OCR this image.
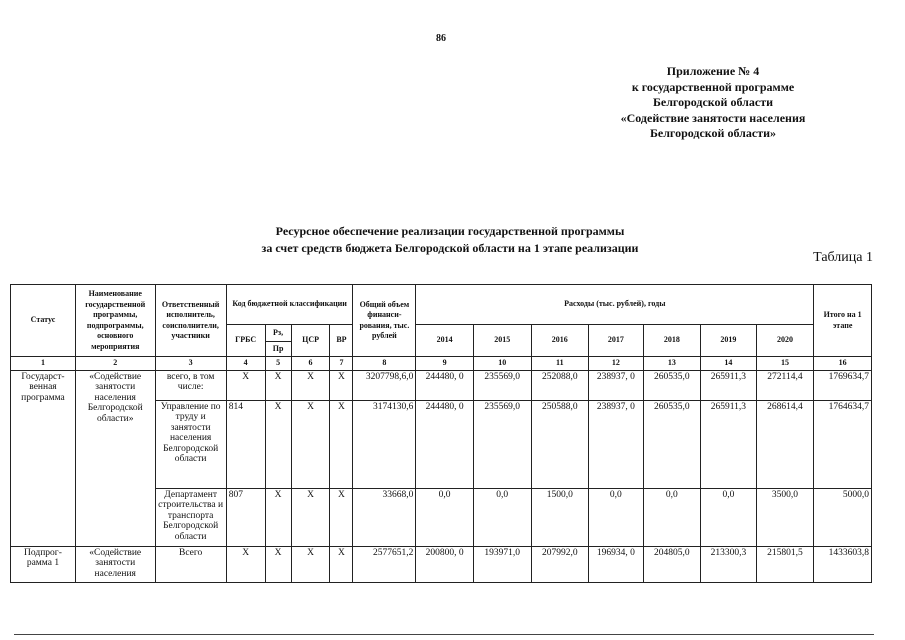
86
Приложение № 4
к государственной программе
Белгородской области
«Содействие занятости населения
Белгородской области»
Ресурсное обеспечение реализации государственной программы
за счет средств бюджета Белгородской области на 1 этапе реализации
Таблица 1
Статус	Наименование государственной программы, подпрограммы, основного мероприятия	Ответственный исполнитель, соисполнители, участники	Код бюджетной классификации				Общий объем финанси-рования, тыс. рублей	Расходы (тыс. рублей), годы							Итого на 1 этапе
			ГРБС	Рз,	ЦСР	ВР		2014	2015	2016	2017	2018	2019	2020	
				Пр											
1	2	3	4	5	6	7	8	9	10	11	12	13	14	15	16
Государст-венная программа	«Содействие занятости населения Белгородской области»	всего, в том числе:	Х	Х	Х	Х	3207798,6,0	244480, 0	235569,0	252088,0	238937, 0	260535,0	265911,3	272114,4	1769634,7
		Управление по труду и занятости населения Белгородской области	814	Х	Х	Х	3174130,6	244480, 0	235569,0	250588,0	238937, 0	260535,0	265911,3	268614,4	1764634,7
		Департамент строительства и транспорта Белгородской области	807	Х	Х	Х	33668,0	0,0	0,0	1500,0	0,0	0,0	0,0	3500,0	5000,0
Подпрог-рамма 1	«Содействие занятости населения	Всего	Х	Х	Х	Х	2577651,2	200800, 0	193971,0	207992,0	196934, 0	204805,0	213300,3	215801,5	1433603,8
